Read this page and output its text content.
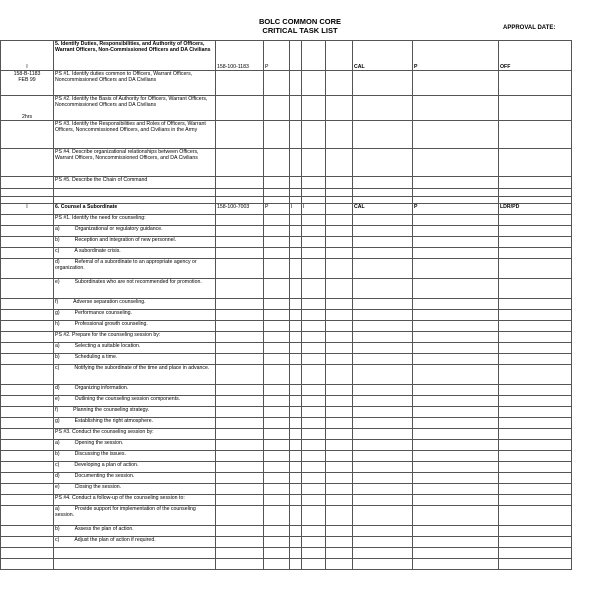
BOLC COMMON CORE
CRITICAL TASK LIST	APPROVAL DATE:
I	5. Identify Duties, Responsibilities, and Authority of Officers, Warrant Officers, Non-Commissioned Officers and DA Civilians	158-100-1183	P				CAL	P	OFF

158-B-1183
FEB 99	PS #1. Identify duties common to Officers, Warrant Officers, Noncommissioned Officers and DA Civilians								
2hrs	PS #2. Identify the Basis of Authority for Officers, Warrant Officers, Noncommissioned Officers and DA Civilians								
	PS #3. Identify the Responsibilities and Roles of Officers, Warrant Officers, Noncommissioned Officers, and Civilians in the Army								
	PS #4. Describe organizational relationships between Officers, Warrant Officers, Noncommissioned Officers, and DA Civilians								
	PS #5. Describe the Chain of Command								

I	6. Counsel a Subordinate	158-100-7003	P	I	I		CAL	P	LDR/PD
	PS #1. Identify the need for counseling:								
	a) Organizational or regulatory guidance.								
	b) Reception and integration of new personnel.								
	c) A subordinate crisis.								
	d) Referral of a subordinate to an appropriate agency or organization.								
	e) Subordinates who are not recommended for promotion.								
	f) Adverse separation counseling.								
	g) Performance counseling.								
	h) Professional growth counseling.								
	PS #2. Prepare for the counseling session by:								
	a) Selecting a suitable location.								
	b) Scheduling a time.								
	c) Notifying the subordinate of the time and place in advance.								
	d) Organizing information.								
	e) Outlining the counseling session components.								
	f) Planning the counseling strategy.								
	g) Establishing the right atmosphere.								
	PS #3. Conduct the counseling session by:								
	a) Opening the session.								
	b) Discussing the issues.								
	c) Developing a plan of action.								
	d) Documenting the session.								
	e) Closing the session.								
	PS #4. Conduct a follow-up of the counseling session to:								
	a) Provide support for implementation of the counseling session.								
	b) Assess the plan of action.								
	c) Adjust the plan of action if required.								
